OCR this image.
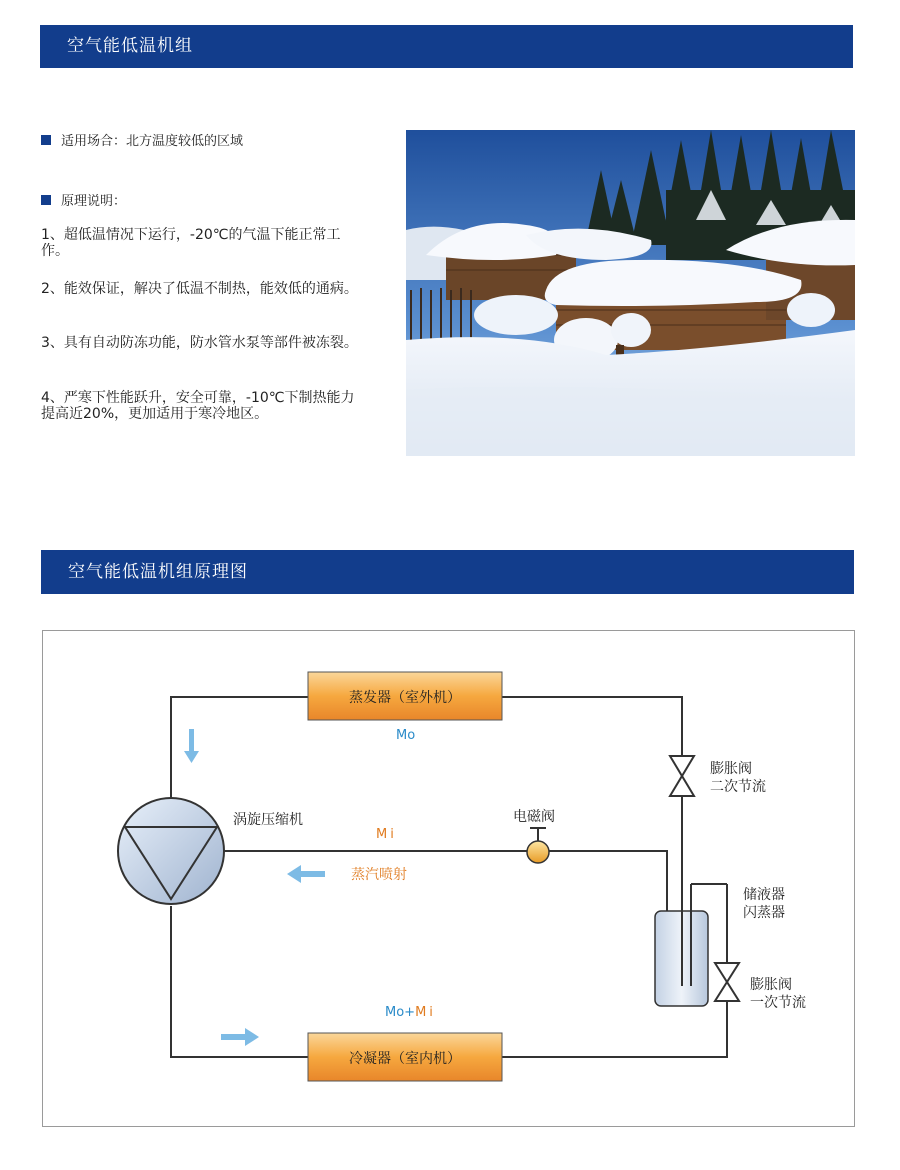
空气能低温机组
适用场合：北方温度较低的区域
原理说明：
1、超低温情况下运行，-20℃的气温下能正常工作。
2、能效保证，解决了低温不制热，能效低的通病。
3、具有自动防冻功能，防水管水泵等部件被冻裂。
4、严寒下性能跃升，安全可靠，-10℃下制热能力提高近20%，更加适用于寒冷地区。
空气能低温机组原理图
蒸发器（室外机）
冷凝器（室内机）
Mo
涡旋压缩机
Mi
电磁阀
蒸汽喷射
膨胀阀
二次节流
储液器
闪蒸器
膨胀阀
一次节流
Mo+Mi
